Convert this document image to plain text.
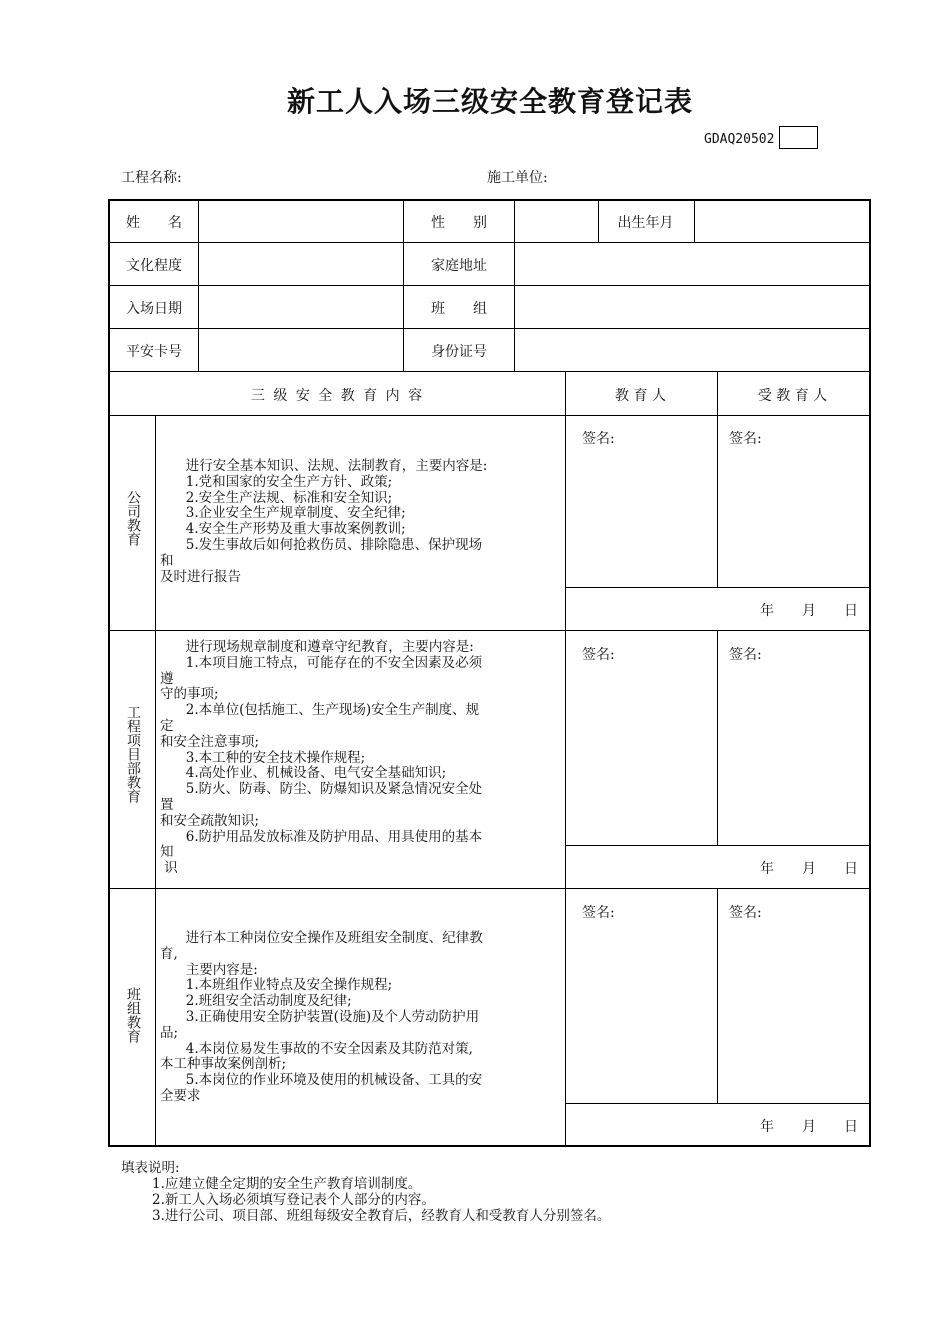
新工人入场三级安全教育登记表
GDAQ20502
工程名称:	施工单位:
姓　　名	性　　别	出生年月
文化程度	家庭地址
入场日期	班　　组
平安卡号	身份证号
三 级 安 全 教 育 内 容	教 育 人	受 教 育 人
公司教育
进行安全基本知识、法规、法制教育，主要内容是:
1.党和国家的安全生产方针、政策;
2.安全生产法规、标准和安全知识;
3.企业安全生产规章制度、安全纪律;
4.安全生产形势及重大事故案例教训;
5.发生事故后如何抢救伤员、排除隐患、保护现场
和
及时进行报告
签名:	签名:
年　　月　　日
工程项目部教育
进行现场规章制度和遵章守纪教育，主要内容是:
1.本项目施工特点，可能存在的不安全因素及必须
遵
守的事项;
2.本单位(包括施工、生产现场)安全生产制度、规
定
和安全注意事项;
3.本工种的安全技术操作规程;
4.高处作业、机械设备、电气安全基础知识;
5.防火、防毒、防尘、防爆知识及紧急情况安全处
置
和安全疏散知识;
6.防护用品发放标准及防护用品、用具使用的基本
知
识
签名:	签名:
年　　月　　日
班组教育
进行本工种岗位安全操作及班组安全制度、纪律教
育,
主要内容是:
1.本班组作业特点及安全操作规程;
2.班组安全活动制度及纪律;
3.正确使用安全防护装置(设施)及个人劳动防护用
品;
4.本岗位易发生事故的不安全因素及其防范对策,
本工种事故案例剖析;
5.本岗位的作业环境及使用的机械设备、工具的安
全要求
签名:	签名:
年　　月　　日
填表说明:
1.应建立健全定期的安全生产教育培训制度。
2.新工人入场必须填写登记表个人部分的内容。
3.进行公司、项目部、班组每级安全教育后，经教育人和受教育人分别签名。
